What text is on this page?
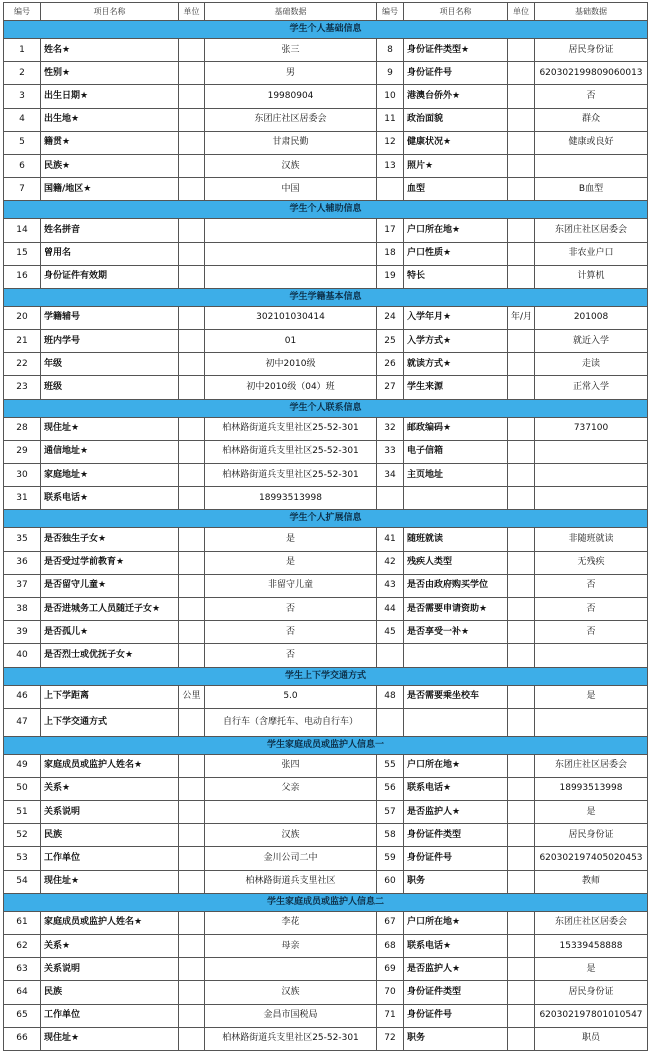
编号	项目名称	单位	基础数据	编号	项目名称	单位	基础数据
学生个人基础信息							
1	姓名★		张三	8	身份证件类型★		居民身份证
2	性别★		男	9	身份证件号		620302199809060013
3	出生日期★		19980904	10	港澳台侨外★		否
4	出生地★		东团庄社区居委会	11	政治面貌		群众
5	籍贯★		甘肃民勤	12	健康状况★		健康或良好
6	民族★		汉族	13	照片★		
7	国籍/地区★		中国		血型		B血型
学生个人辅助信息							
14	姓名拼音			17	户口所在地★		东团庄社区居委会
15	曾用名			18	户口性质★		非农业户口
16	身份证件有效期			19	特长		计算机
学生学籍基本信息							
20	学籍辅号		302101030414	24	入学年月★	年/月	201008
21	班内学号		01	25	入学方式★		就近入学
22	年级		初中2010级	26	就读方式★		走读
23	班级		初中2010级（04）班	27	学生来源		正常入学
学生个人联系信息							
28	现住址★		柏林路街道兵支里社区25-52-301	32	邮政编码★		737100
29	通信地址★		柏林路街道兵支里社区25-52-301	33	电子信箱		
30	家庭地址★		柏林路街道兵支里社区25-52-301	34	主页地址		
31	联系电话★		18993513998				
学生个人扩展信息							
35	是否独生子女★		是	41	随班就读		非随班就读
36	是否受过学前教育★		是	42	残疾人类型		无残疾
37	是否留守儿童★		非留守儿童	43	是否由政府购买学位		否
38	是否进城务工人员随迁子女★		否	44	是否需要申请资助★		否
39	是否孤儿★		否	45	是否享受一补★		否
40	是否烈士或优抚子女★		否				
学生上下学交通方式							
46	上下学距离	公里	5.0	48	是否需要乘坐校车		是
47	上下学交通方式		自行车（含摩托车、电动自行车）				
学生家庭成员或监护人信息一							
49	家庭成员或监护人姓名★		张四	55	户口所在地★		东团庄社区居委会
50	关系★		父亲	56	联系电话★		18993513998
51	关系说明			57	是否监护人★		是
52	民族		汉族	58	身份证件类型		居民身份证
53	工作单位		金川公司二中	59	身份证件号		620302197405020453
54	现住址★		柏林路街道兵支里社区	60	职务		教师
学生家庭成员或监护人信息二							
61	家庭成员或监护人姓名★		李花	67	户口所在地★		东团庄社区居委会
62	关系★		母亲	68	联系电话★		15339458888
63	关系说明			69	是否监护人★		是
64	民族		汉族	70	身份证件类型		居民身份证
65	工作单位		金昌市国税局	71	身份证件号		620302197801010547
66	现住址★		柏林路街道兵支里社区25-52-301	72	职务		职员
